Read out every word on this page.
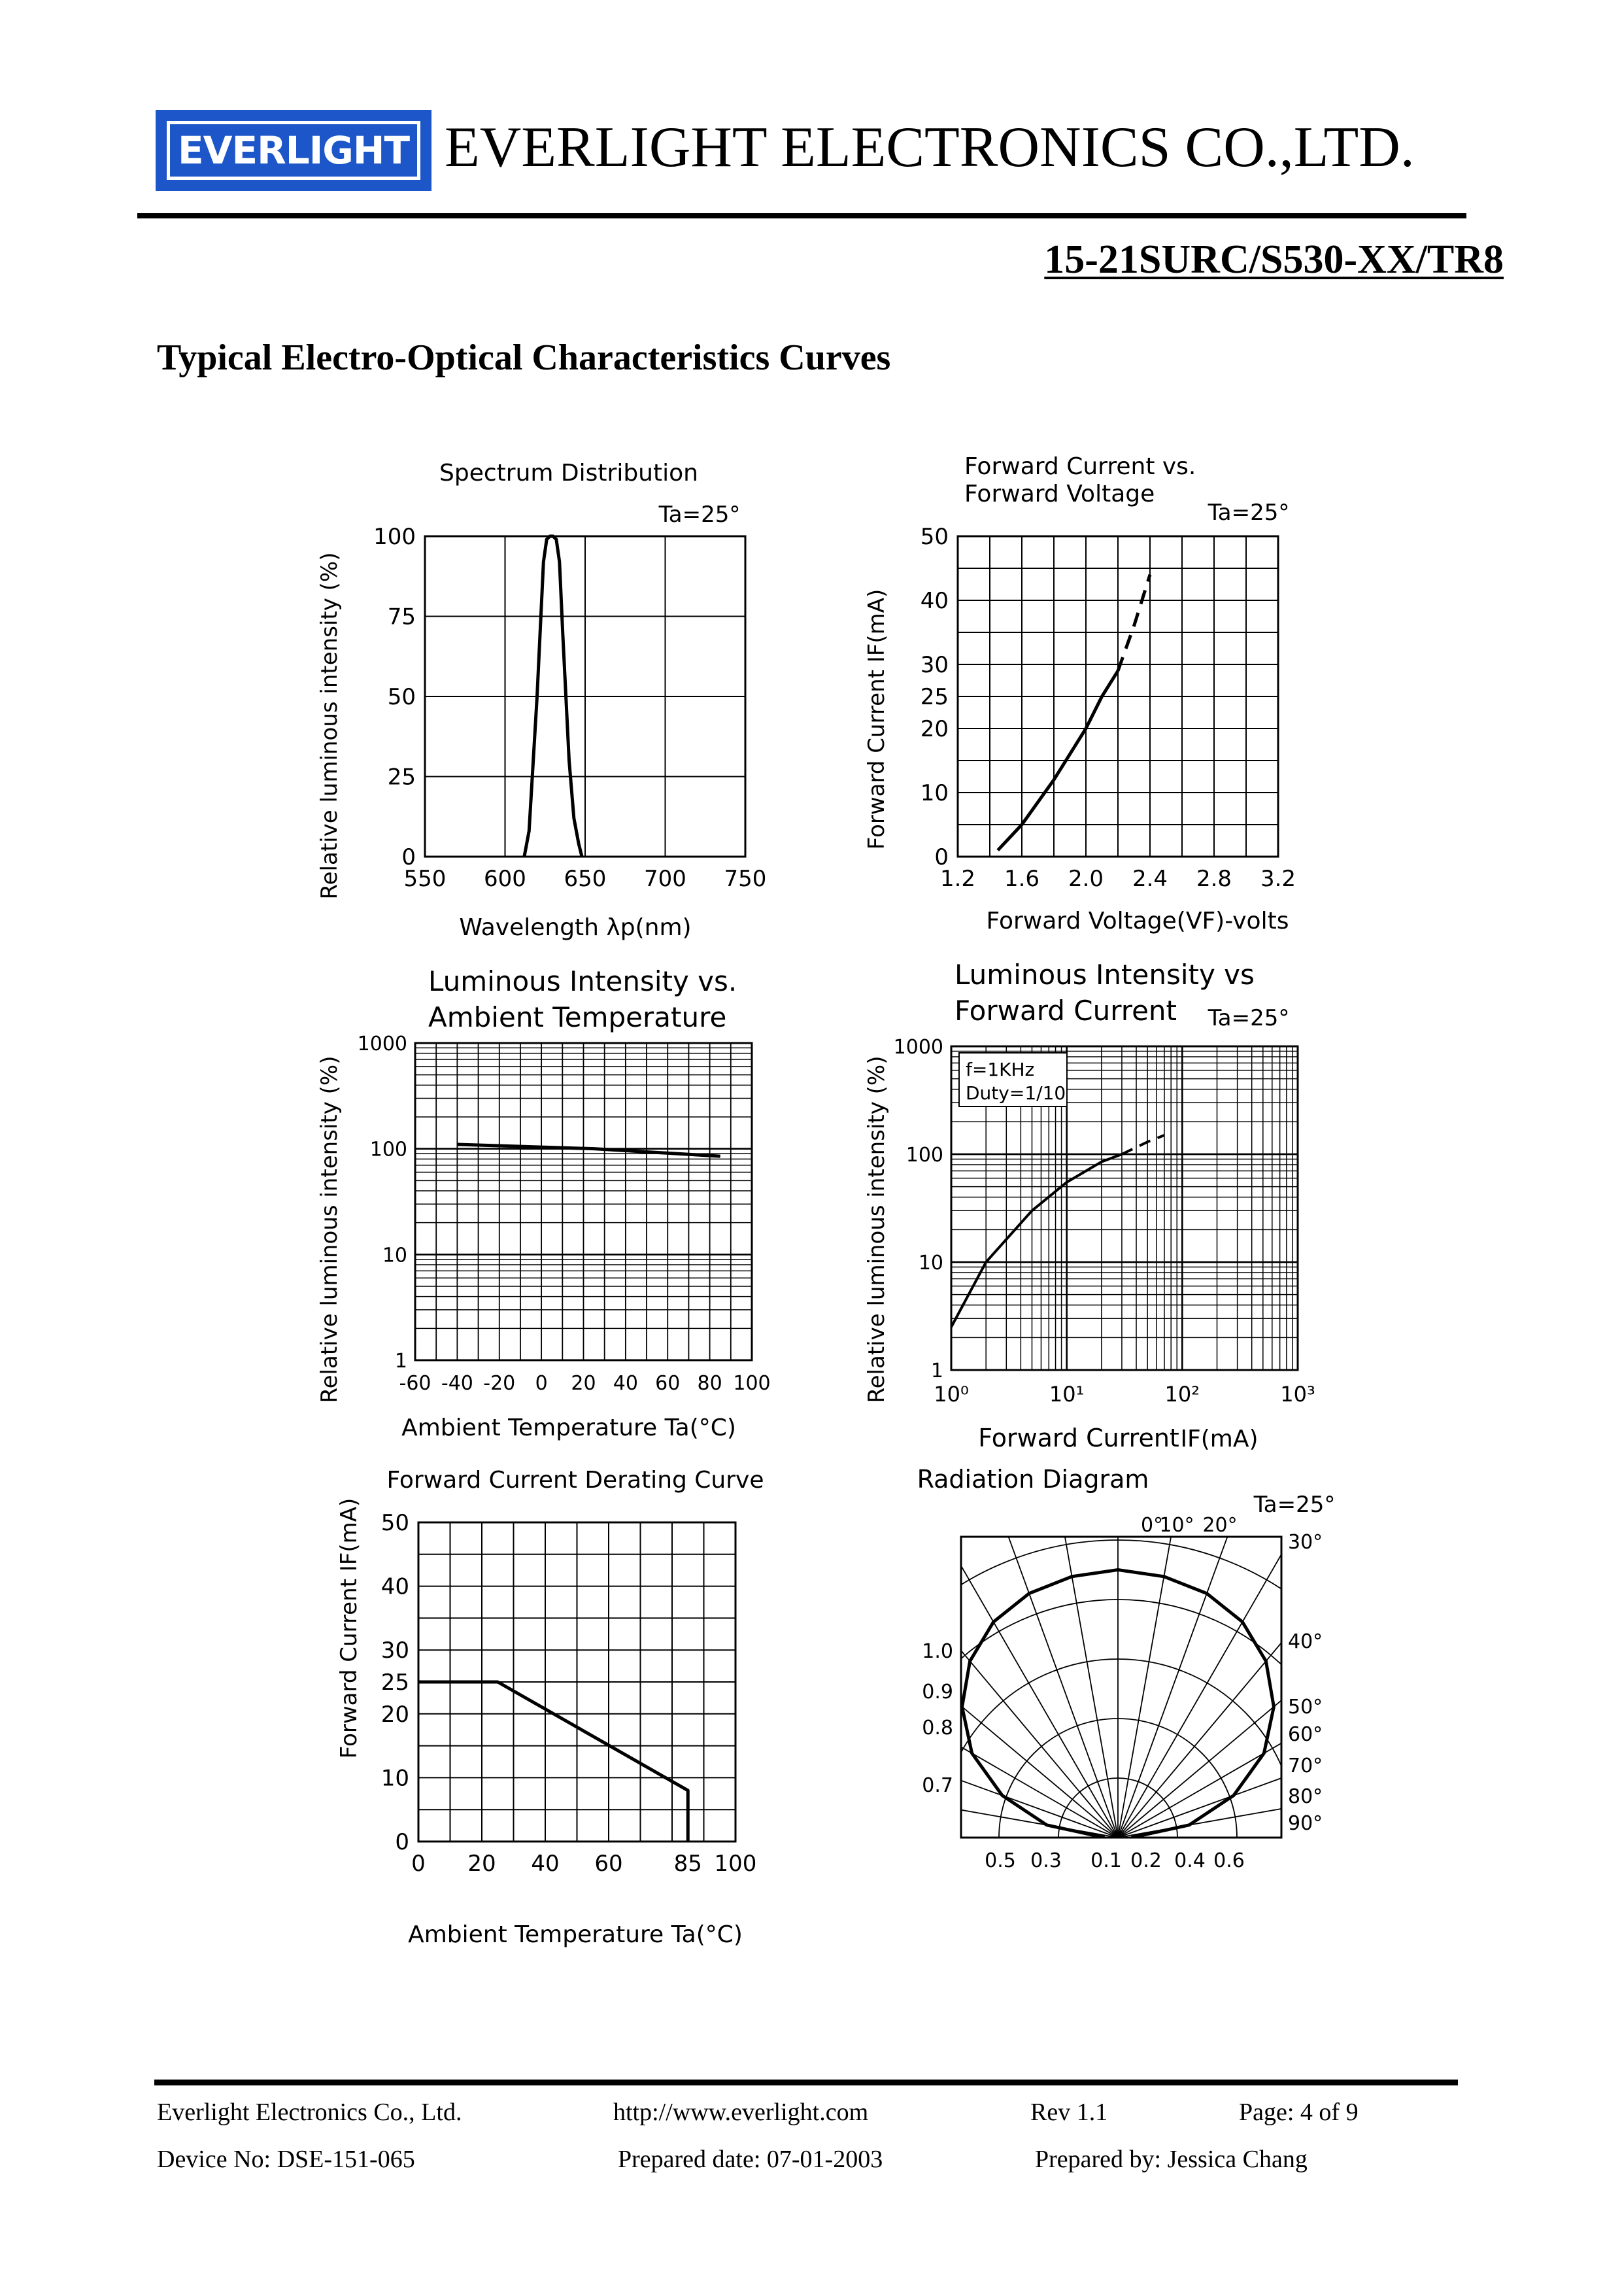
EVERLIGHT EVERLIGHT ELECTRONICS CO.,LTD.
15-21SURC/S530-XX/TR8
Typical Electro-Optical Characteristics Curves
Spectrum Distribution
Ta=25°
Relative luminous intensity (%)
Wavelength λp(nm)
550 600 650 700 750
0
25
50
75
100
Forward Current vs.
Forward Voltage
Ta=25°
Forward Current IF(mA)
Forward Voltage(VF)-volts
1.2 1.6 2.0 2.4 2.8 3.2
0
10
20
25
30
40
50
Luminous Intensity vs.
Ambient Temperature
Relative luminous intensity (%)
Ambient Temperature Ta(°C)
-60 -40 -20 0 20 40 60 80 100
1
10
100
1000
Luminous Intensity vs
Forward Current Ta=25°
Relative luminous intensity (%)
Forward Current IF(mA)
10⁰	10¹	10²	10³
1
10
100
1000
f=1KHz
Duty=1/10
Forward Current Derating Curve
Forward Current IF(mA)
Ambient Temperature Ta(°C)
0 20 40 60 85 100
0
10
20
25
30
40
50
Radiation Diagram
Ta=25°
0°
10° 20°
30°
40°
50°
60°
70°
80°
90°
1.0
0.9
0.8
0.7
0.5 0.3 0.1 0.2 0.4 0.6
Everlight Electronics Co., Ltd.	http://www.everlight.com	Rev 1.1	Page: 4 of 9
Device No: DSE-151-065	Prepared date: 07-01-2003	Prepared by: Jessica Chang
